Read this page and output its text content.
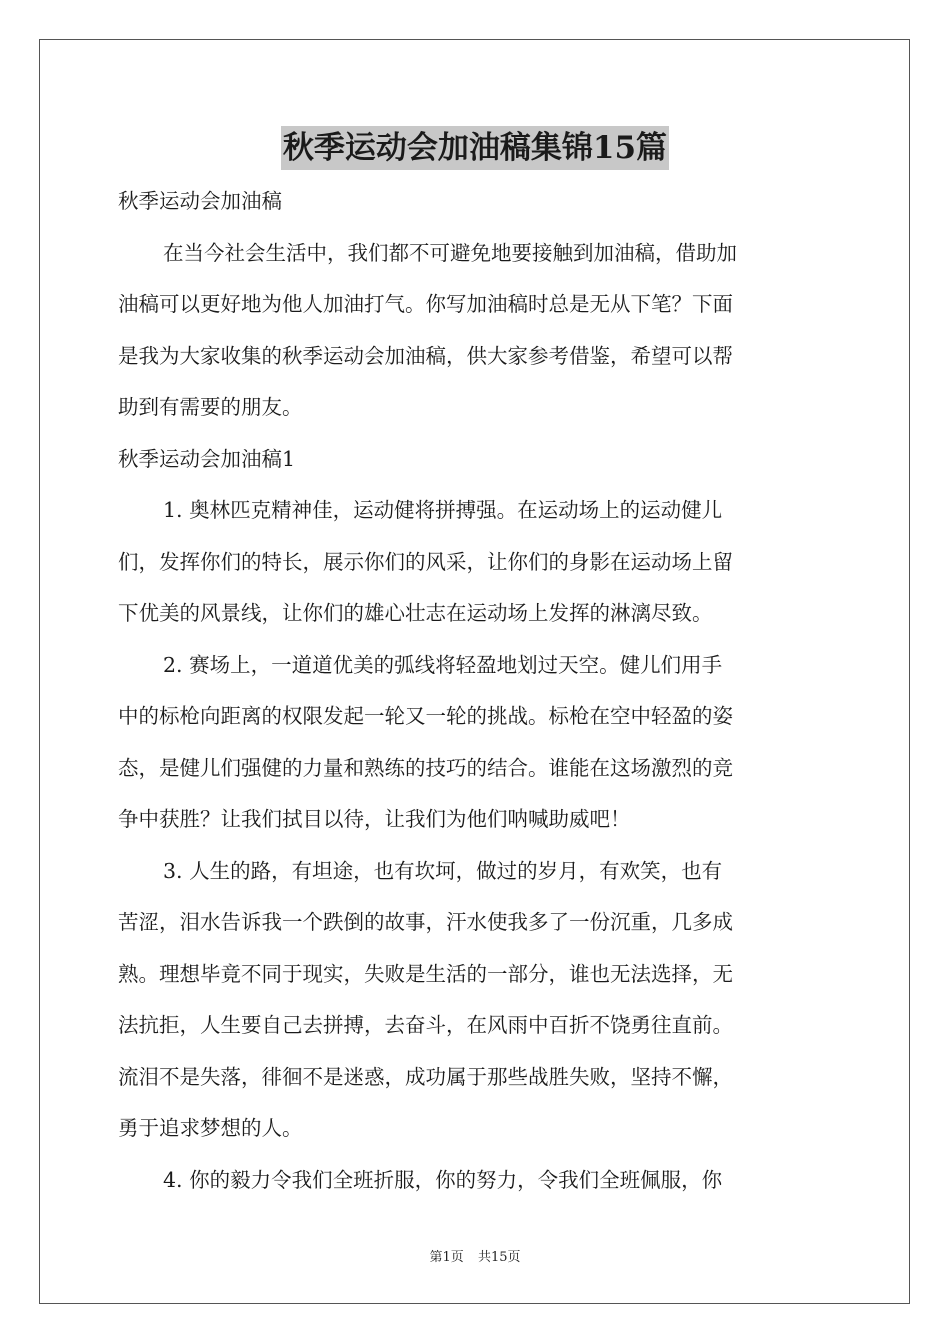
秋季运动会加油稿集锦15篇
秋季运动会加油稿
在当今社会生活中，我们都不可避免地要接触到加油稿，借助加
油稿可以更好地为他人加油打气。你写加油稿时总是无从下笔？下面
是我为大家收集的秋季运动会加油稿，供大家参考借鉴，希望可以帮
助到有需要的朋友。
秋季运动会加油稿1
1. 奥林匹克精神佳，运动健将拼搏强。在运动场上的运动健儿
们，发挥你们的特长，展示你们的风采，让你们的身影在运动场上留
下优美的风景线，让你们的雄心壮志在运动场上发挥的淋漓尽致。
2. 赛场上，一道道优美的弧线将轻盈地划过天空。健儿们用手
中的标枪向距离的权限发起一轮又一轮的挑战。标枪在空中轻盈的姿
态，是健儿们强健的力量和熟练的技巧的结合。谁能在这场激烈的竞
争中获胜？让我们拭目以待，让我们为他们呐喊助威吧！
3. 人生的路，有坦途，也有坎坷，做过的岁月，有欢笑，也有
苦涩，泪水告诉我一个跌倒的故事，汗水使我多了一份沉重，几多成
熟。理想毕竟不同于现实，失败是生活的一部分，谁也无法选择，无
法抗拒，人生要自己去拼搏，去奋斗，在风雨中百折不饶勇往直前。
流泪不是失落，徘徊不是迷惑，成功属于那些战胜失败，坚持不懈，
勇于追求梦想的人。
4. 你的毅力令我们全班折服，你的努力，令我们全班佩服，你
第1页 共15页
